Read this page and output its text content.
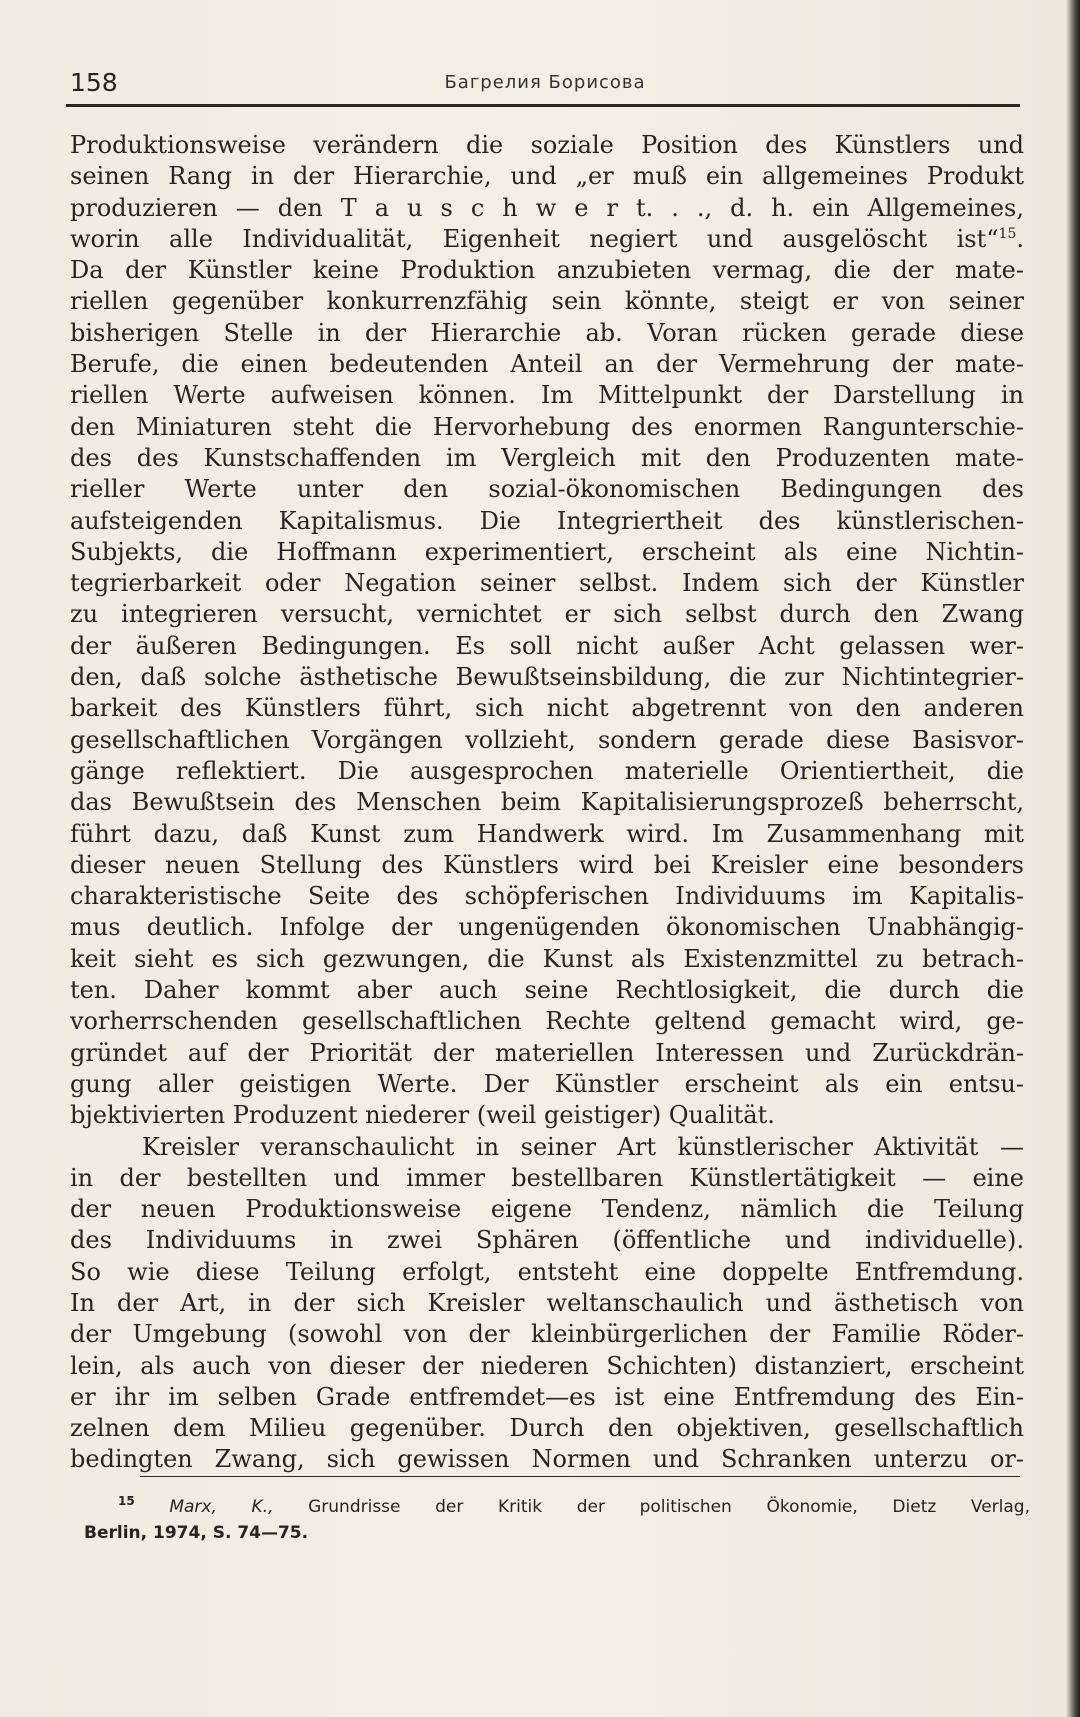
158	Багрелия Борисова
Produktionsweise verändern die soziale Position des Künstlers und
seinen Rang in der Hierarchie, und „er muß ein allgemeines Produkt
produzieren — den T a u s c h w e r t. . ., d. h. ein Allgemeines,
worin alle Individualität, Eigenheit negiert und ausgelöscht ist“$^{15}$.
Da der Künstler keine Produktion anzubieten vermag, die der mate-
riellen gegenüber konkurrenzfähig sein könnte, steigt er von seiner
bisherigen Stelle in der Hierarchie ab. Voran rücken gerade diese
Berufe, die einen bedeutenden Anteil an der Vermehrung der mate-
riellen Werte aufweisen können. Im Mittelpunkt der Darstellung in
den Miniaturen steht die Hervorhebung des enormen Rangunterschie-
des des Kunstschaffenden im Vergleich mit den Produzenten mate-
rieller Werte unter den sozial-ökonomischen Bedingungen des
aufsteigenden Kapitalismus. Die Integriertheit des künstlerischen-
Subjekts, die Hoffmann experimentiert, erscheint als eine Nichtin-
tegrierbarkeit oder Negation seiner selbst. Indem sich der Künstler
zu integrieren versucht, vernichtet er sich selbst durch den Zwang
der äußeren Bedingungen. Es soll nicht außer Acht gelassen wer-
den, daß solche ästhetische Bewußtseinsbildung, die zur Nichtintegrier-
barkeit des Künstlers führt, sich nicht abgetrennt von den anderen
gesellschaftlichen Vorgängen vollzieht, sondern gerade diese Basisvor-
gänge reflektiert. Die ausgesprochen materielle Orientiertheit, die
das Bewußtsein des Menschen beim Kapitalisierungsprozeß beherrscht,
führt dazu, daß Kunst zum Handwerk wird. Im Zusammenhang mit
dieser neuen Stellung des Künstlers wird bei Kreisler eine besonders
charakteristische Seite des schöpferischen Individuums im Kapitalis-
mus deutlich. Infolge der ungenügenden ökonomischen Unabhängig-
keit sieht es sich gezwungen, die Kunst als Existenzmittel zu betrach-
ten. Daher kommt aber auch seine Rechtlosigkeit, die durch die
vorherrschenden gesellschaftlichen Rechte geltend gemacht wird, ge-
gründet auf der Priorität der materiellen Interessen und Zurückdrän-
gung aller geistigen Werte. Der Künstler erscheint als ein entsu-
bjektivierten Produzent niederer (weil geistiger) Qualität.
Kreisler veranschaulicht in seiner Art künstlerischer Aktivität —
in der bestellten und immer bestellbaren Künstlertätigkeit — eine
der neuen Produktionsweise eigene Tendenz, nämlich die Teilung
des Individuums in zwei Sphären (öffentliche und individuelle).
So wie diese Teilung erfolgt, entsteht eine doppelte Entfremdung.
In der Art, in der sich Kreisler weltanschaulich und ästhetisch von
der Umgebung (sowohl von der kleinbürgerlichen der Familie Röder-
lein, als auch von dieser der niederen Schichten) distanziert, erscheint
er ihr im selben Grade entfremdet—es ist eine Entfremdung des Ein-
zelnen dem Milieu gegenüber. Durch den objektiven, gesellschaftlich
bedingten Zwang, sich gewissen Normen und Schranken unterzu or-
$^{15}$ Marx, K., Grundrisse der Kritik der politischen Ökonomie, Dietz Verlag,
Berlin, 1974, S. 74—75.
